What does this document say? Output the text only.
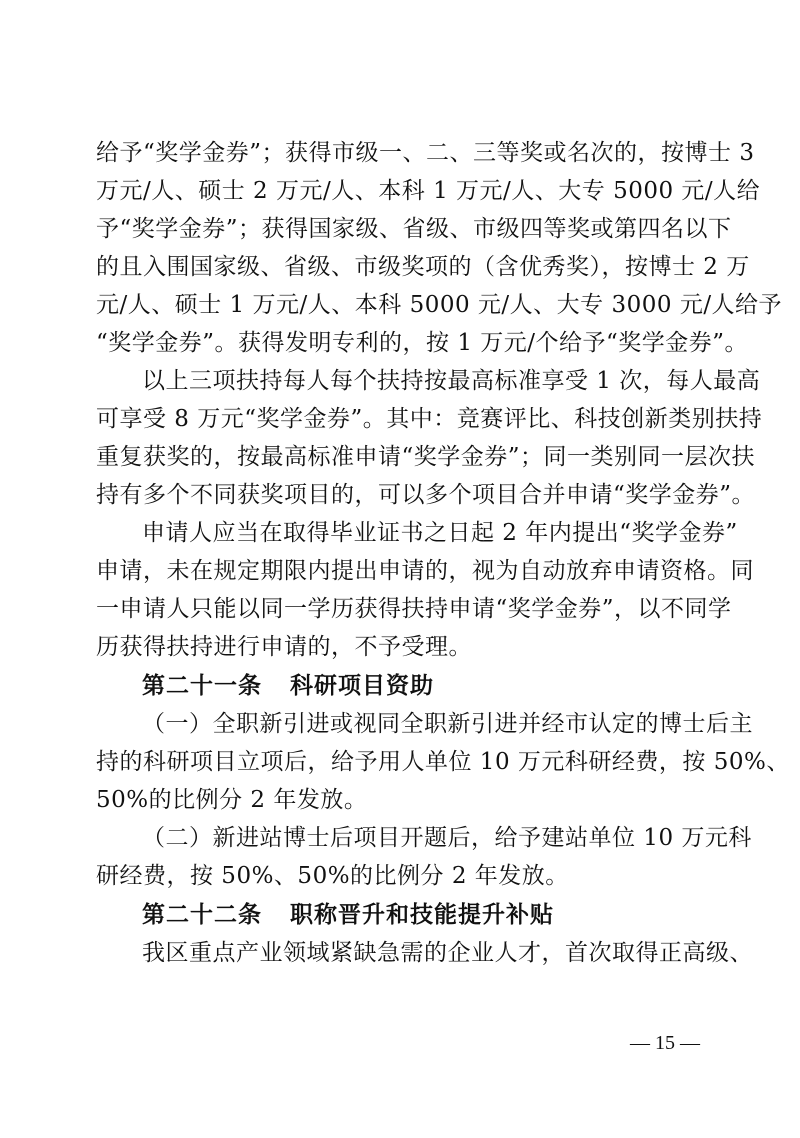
给予“奖学金券”；获得市级一、二、三等奖或名次的，按博士 3
万元/人、硕士 2 万元/人、本科 1 万元/人、大专 5000 元/人给
予“奖学金券”；获得国家级、省级、市级四等奖或第四名以下
的且入围国家级、省级、市级奖项的（含优秀奖），按博士 2 万
元/人、硕士 1 万元/人、本科 5000 元/人、大专 3000 元/人给予
“奖学金券”。获得发明专利的，按 1 万元/个给予“奖学金券”。
以上三项扶持每人每个扶持按最高标准享受 1 次，每人最高
可享受 8 万元“奖学金券”。其中：竞赛评比、科技创新类别扶持
重复获奖的，按最高标准申请“奖学金券”；同一类别同一层次扶
持有多个不同获奖项目的，可以多个项目合并申请“奖学金券”。
申请人应当在取得毕业证书之日起 2 年内提出“奖学金券”
申请，未在规定期限内提出申请的，视为自动放弃申请资格。同
一申请人只能以同一学历获得扶持申请“奖学金券”，以不同学
历获得扶持进行申请的，不予受理。
第二十一条 科研项目资助
（一）全职新引进或视同全职新引进并经市认定的博士后主
持的科研项目立项后，给予用人单位 10 万元科研经费，按 50%、
50%的比例分 2 年发放。
（二）新进站博士后项目开题后，给予建站单位 10 万元科
研经费，按 50%、50%的比例分 2 年发放。
第二十二条 职称晋升和技能提升补贴
我区重点产业领域紧缺急需的企业人才，首次取得正高级、
— 15 —
